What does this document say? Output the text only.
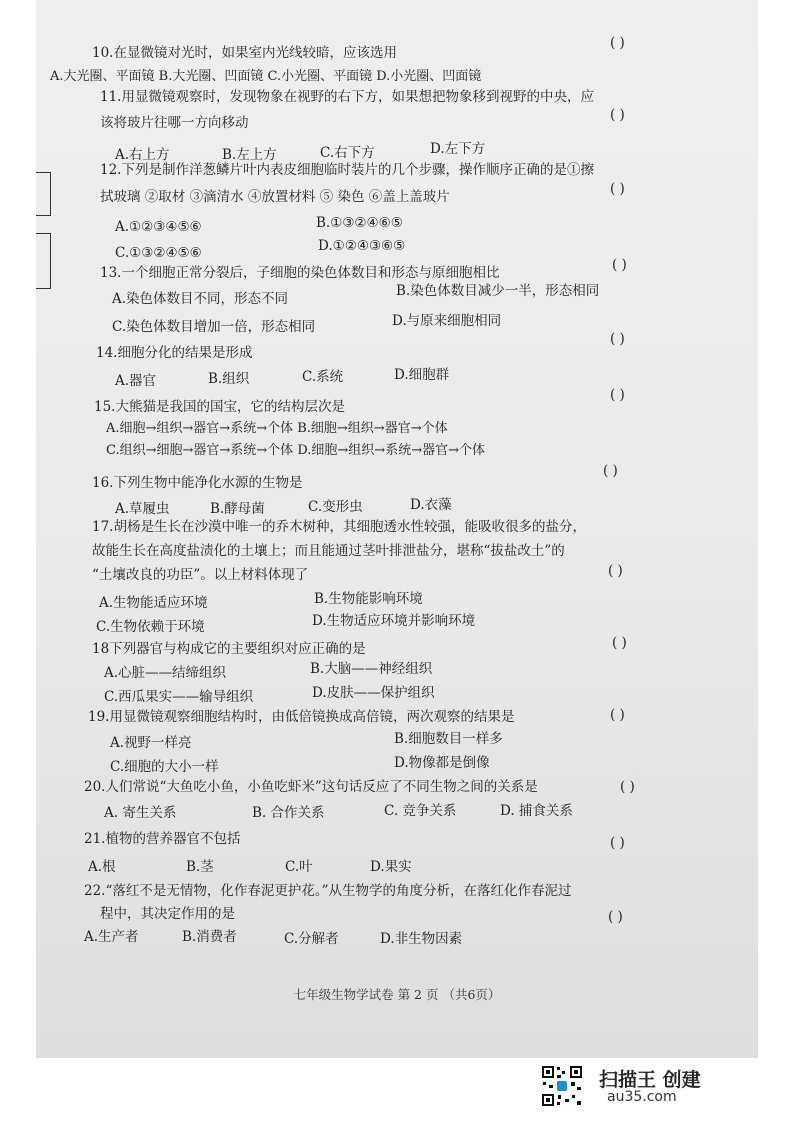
( )
10.在显微镜对光时，如果室内光线较暗，应该选用
A.大光圈、平面镜 B.大光圈、凹面镜 C.小光圈、平面镜 D.小光圈、凹面镜
11.用显微镜观察时，发现物象在视野的右下方，如果想把物象移到视野的中央，应
( )
该将玻片往哪一方向移动
A.右上方	B.左上方	C.右下方	D.左下方
12.下列是制作洋葱鳞片叶内表皮细胞临时装片的几个步骤，操作顺序正确的是①擦
( )
拭玻璃 ②取材 ③滴清水 ④放置材料 ⑤ 染色 ⑥盖上盖玻片
A.①②③④⑤⑥	B.①③②④⑥⑤
C.①③②④⑤⑥	D.①②④③⑥⑤
13.一个细胞正常分裂后，子细胞的染色体数目和形态与原细胞相比	( )
A.染色体数目不同，形态不同	B.染色体数目减少一半，形态相同
C.染色体数目增加一倍，形态相同	D.与原来细胞相同
14.细胞分化的结果是形成
( )
A.器官	B.组织	C.系统	D.细胞群
15.大熊猫是我国的国宝，它的结构层次是
( )
A.细胞→组织→器官→系统→个体 B.细胞→组织→器官→个体
C.组织→细胞→器官→系统→个体 D.细胞→组织→系统→器官→个体
16.下列生物中能净化水源的生物是
( )
A.草履虫	B.酵母菌	C.变形虫	D.衣藻
17.胡杨是生长在沙漠中唯一的乔木树种，其细胞透水性较强，能吸收很多的盐分，
故能生长在高度盐渍化的土壤上；而且能通过茎叶排泄盐分，堪称“拔盐改土”的
( )
“土壤改良的功臣”。以上材料体现了
A.生物能适应环境	B.生物能影响环境
C.生物依赖于环境	D.生物适应环境并影响环境
18下列器官与构成它的主要组织对应正确的是	( )
A.心脏——结缔组织	B.大脑——神经组织
C.西瓜果实——输导组织	D.皮肤——保护组织
19.用显微镜观察细胞结构时，由低倍镜换成高倍镜，两次观察的结果是	( )
A.视野一样亮	B.细胞数目一样多
C.细胞的大小一样	D.物像都是倒像
20.人们常说“大鱼吃小鱼，小鱼吃虾米”这句话反应了不同生物之间的关系是	( )
A. 寄生关系	B. 合作关系	C. 竞争关系	D. 捕食关系
21.植物的营养器官不包括	( )
A.根	B.茎	C.叶	D.果实
22.“落红不是无情物，化作春泥更护花。”从生物学的角度分析，在落红化作春泥过
程中，其决定作用的是	( )
A.生产者	B.消费者	C.分解者	D.非生物因素
七年级生物学试卷 第 2 页 （共6页）
扫描王 创建
au35.com
